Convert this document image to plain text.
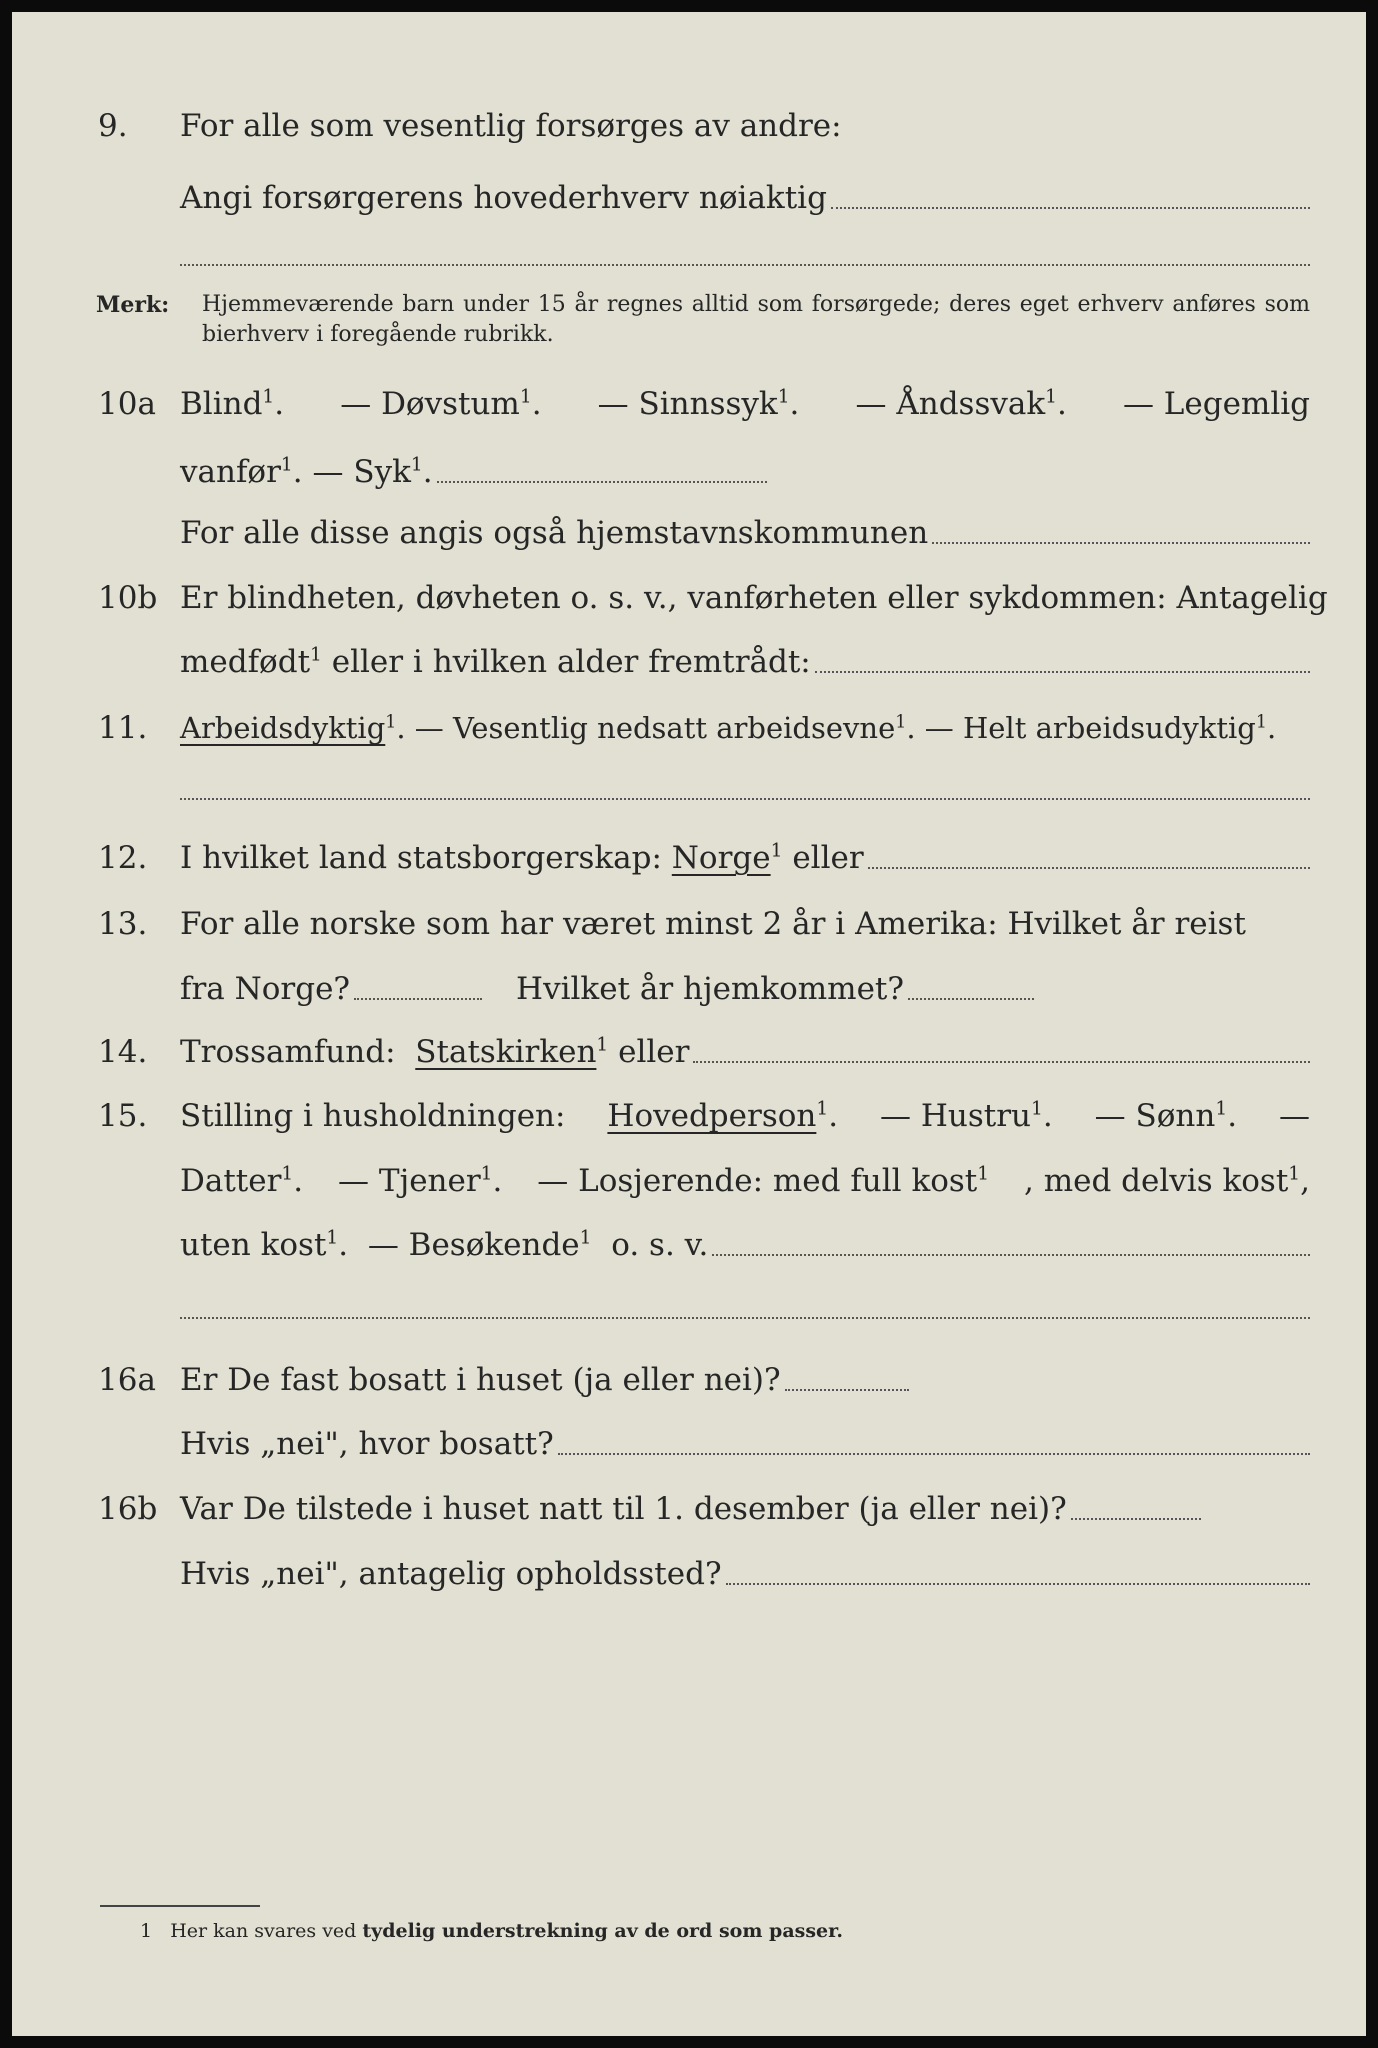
9. For alle som vesentlig forsørges av andre:
Angi forsørgerens hovederhverv nøiaktig
Merk: Hjemmeværende barn under 15 år regnes alltid som forsørgede; deres eget erhverv anføres som bierhverv i foregående rubrikk.
10a Blind$^1$. — Døvstum$^1$. — Sinnssyk$^1$. — Åndssvak$^1$. — Legemlig
vanfør$^1$. — Syk$^1$.
For alle disse angis også hjemstavnskommunen
10b Er blindheten, døvheten o. s. v., vanførheten eller sykdommen: Antagelig
medfødt$^1$ eller i hvilken alder fremtrådt:
11. Arbeidsdyktig$^1$. — Vesentlig nedsatt arbeidsevne$^1$. — Helt arbeidsudyktig$^1$.
12. I hvilket land statsborgerskap: Norge$^1$ eller
13. For alle norske som har været minst 2 år i Amerika: Hvilket år reist
fra Norge?	Hvilket år hjemkommet?
14. Trossamfund: Statskirken$^1$ eller
15. Stilling i husholdningen: Hovedperson$^1$. — Hustru$^1$. — Sønn$^1$. —
Datter$^1$. — Tjener$^1$. — Losjerende: med full kost$^1$ , med delvis kost$^1$,
uten kost$^1$. — Besøkende$^1$ o. s. v.
16a Er De fast bosatt i huset (ja eller nei)?
Hvis „nei", hvor bosatt?
16b Var De tilstede i huset natt til 1. desember (ja eller nei)?
Hvis „nei", antagelig opholdssted?
1 Her kan svares ved tydelig understrekning av de ord som passer.
